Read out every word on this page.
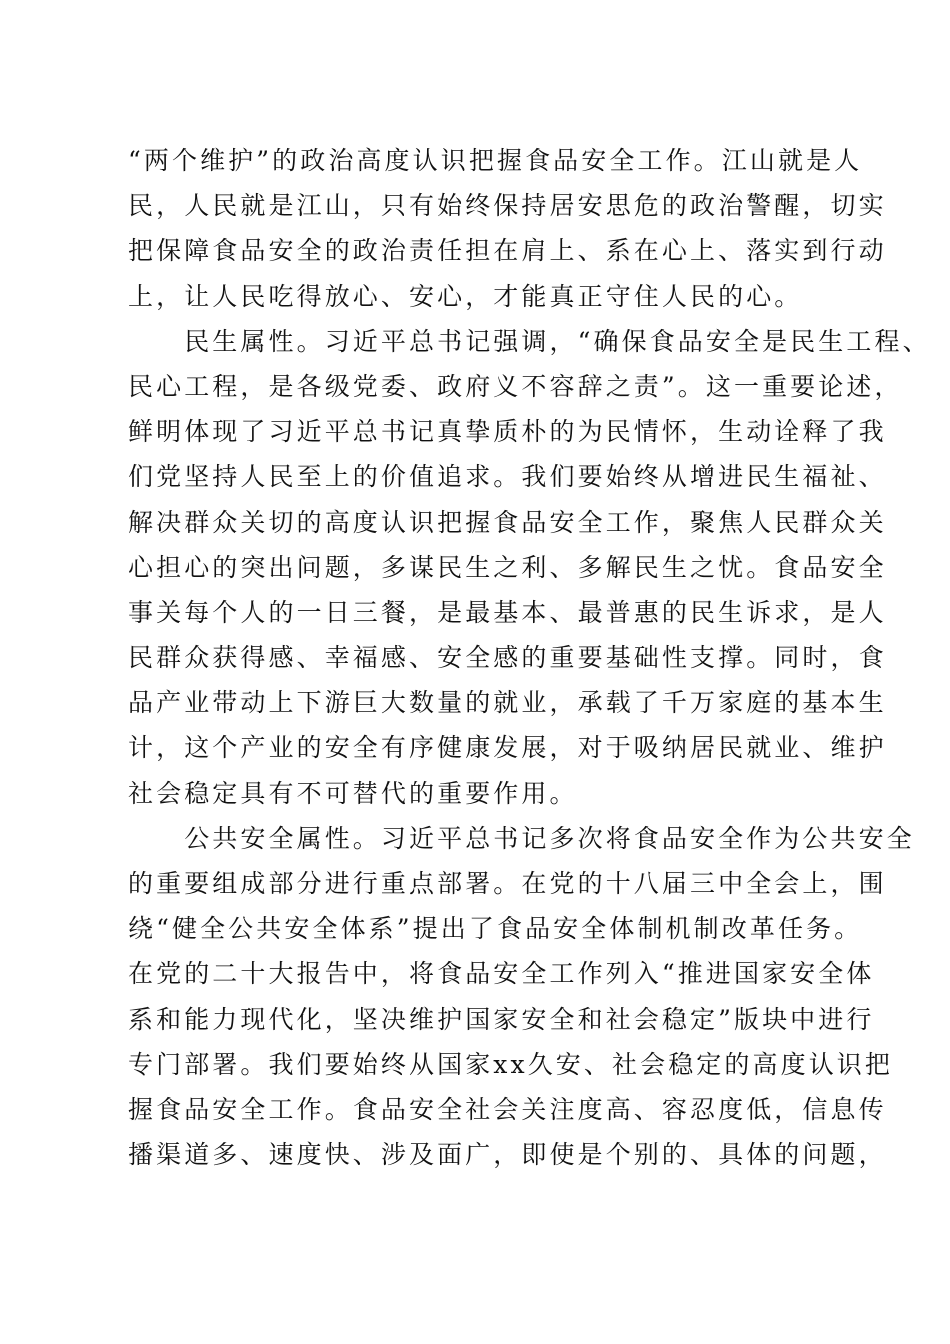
“两个维护”的政治高度认识把握食品安全工作。江山就是人
民，人民就是江山，只有始终保持居安思危的政治警醒，切实
把保障食品安全的政治责任担在肩上、系在心上、落实到行动
上，让人民吃得放心、安心，才能真正守住人民的心。
　　民生属性。习近平总书记强调，“确保食品安全是民生工程、
民心工程，是各级党委、政府义不容辞之责”。这一重要论述，
鲜明体现了习近平总书记真挚质朴的为民情怀，生动诠释了我
们党坚持人民至上的价值追求。我们要始终从增进民生福祉、
解决群众关切的高度认识把握食品安全工作，聚焦人民群众关
心担心的突出问题，多谋民生之利、多解民生之忧。食品安全
事关每个人的一日三餐，是最基本、最普惠的民生诉求，是人
民群众获得感、幸福感、安全感的重要基础性支撑。同时，食
品产业带动上下游巨大数量的就业，承载了千万家庭的基本生
计，这个产业的安全有序健康发展，对于吸纳居民就业、维护
社会稳定具有不可替代的重要作用。
　　公共安全属性。习近平总书记多次将食品安全作为公共安全
的重要组成部分进行重点部署。在党的十八届三中全会上，围
绕“健全公共安全体系”提出了食品安全体制机制改革任务。
在党的二十大报告中，将食品安全工作列入“推进国家安全体
系和能力现代化，坚决维护国家安全和社会稳定”版块中进行
专门部署。我们要始终从国家xx久安、社会稳定的高度认识把
握食品安全工作。食品安全社会关注度高、容忍度低，信息传
播渠道多、速度快、涉及面广，即使是个别的、具体的问题，
